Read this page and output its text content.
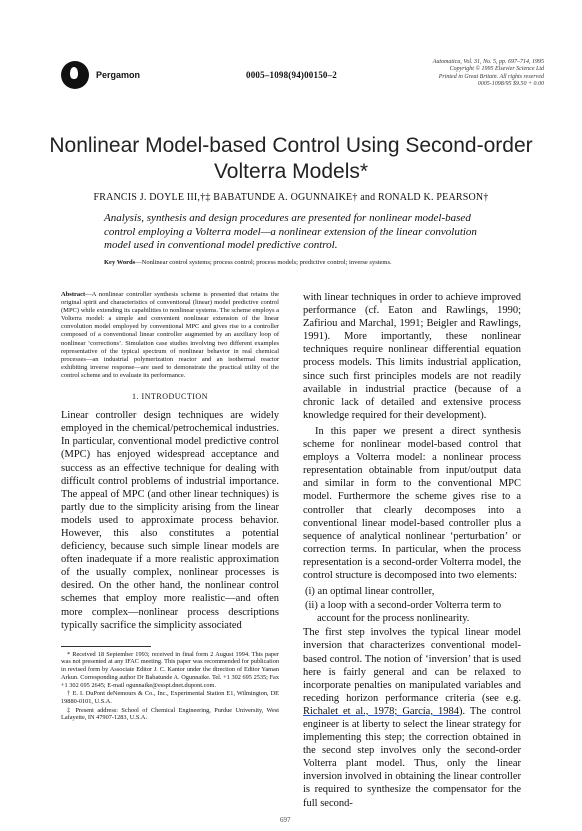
Pergamon	0005–1098(94)00150–2
Automatica, Vol. 31, No. 5, pp. 697–714, 1995
Copyright © 1995 Elsevier Science Ltd
Printed in Great Britain. All rights reserved
0005-1098/95 $9.50 + 0.00
Nonlinear Model-based Control Using Second-order
Volterra Models*
FRANCIS J. DOYLE III,†‡ BABATUNDE A. OGUNNAIKE† and RONALD K. PEARSON†
Analysis, synthesis and design procedures are presented for nonlinear model-based control employing a Volterra model—a nonlinear extension of the linear convolution model used in conventional model predictive control.
Key Words—Nonlinear control systems; process control; process models; predictive control; inverse systems.
Abstract—A nonlinear controller synthesis scheme is presented that retains the original spirit and characteristics of conventional (linear) model predictive control (MPC) while extending its capabilities to nonlinear systems. The scheme employs a Volterra model: a simple and convenient nonlinear extension of the linear convolution model employed by conventional MPC and gives rise to a controller composed of a conventional linear controller augmented by an auxiliary loop of nonlinear ‘corrections’. Simulation case studies involving two different examples representative of the typical spectrum of nonlinear behavior in real chemical processes—an industrial polymerization reactor and an isothermal reactor exhibiting inverse response—are used to demonstrate the practical utility of the control scheme and to evaluate its performance.
1. INTRODUCTION

Linear controller design techniques are widely employed in the chemical/petrochemical industries. In particular, conventional model predictive control (MPC) has enjoyed widespread acceptance and success as an effective technique for dealing with difficult control problems of industrial importance. The appeal of MPC (and other linear techniques) is partly due to the simplicity arising from the linear models used to approximate process behavior. However, this also constitutes a potential deficiency, because such simple linear models are often inadequate if a more realistic approximation of the usually complex, nonlinear processes is desired. On the other hand, the nonlinear control schemes that employ more realistic—and often more complex—nonlinear process descriptions typically sacrifice the simplicity associated

* Received 18 September 1993; received in final form 2 August 1994. This paper was not presented at any IFAC meeting. This paper was recommended for publication in revised form by Associate Editor J. C. Kantor under the direction of Editor Yaman Arkun. Corresponding author Dr Babatunde A. Ogunnaike. Tel. +1 302 695 2535; Fax +1 302 695 2645; E-mail ogunnaike@esspt.dnet.dupont.com.
† E. I. DuPont deNemours & Co., Inc., Experimental Station E1, Wilmington, DE 19880-0101, U.S.A.
‡ Present address: School of Chemical Engineering, Purdue University, West Lafayette, IN 47907-1283, U.S.A.

with linear techniques in order to achieve improved performance (cf. Eaton and Rawlings, 1990; Zafiriou and Marchal, 1991; Beigler and Rawlings, 1991). More importantly, these nonlinear techniques require nonlinear differential equation process models. This limits industrial application, since such first principles models are not readily available in industrial practice (because of a chronic lack of detailed and extensive process knowledge required for their development).

In this paper we present a direct synthesis scheme for nonlinear model-based control that employs a Volterra model: a nonlinear process representation obtainable from input/output data and similar in form to the conventional MPC model. Furthermore the scheme gives rise to a controller that clearly decomposes into a conventional linear model-based controller plus a sequence of analytical nonlinear ‘perturbation’ or correction terms. In particular, when the process representation is a second-order Volterra model, the control structure is decomposed into two elements:

(i) an optimal linear controller,
(ii) a loop with a second-order Volterra term to account for the process nonlinearity.

The first step involves the typical linear model inversion that characterizes conventional model-based control. The notion of ‘inversion’ that is used here is fairly general and can be relaxed to incorporate penalties on manipulated variables and receding horizon performance criteria (see e.g. Richalet et al., 1978; García, 1984). The control engineer is at liberty to select the linear strategy for implementing this step; the correction obtained in the second step involves only the second-order Volterra plant model. Thus, only the linear inversion involved in obtaining the linear controller is required to synthesize the compensator for the full second-

697
